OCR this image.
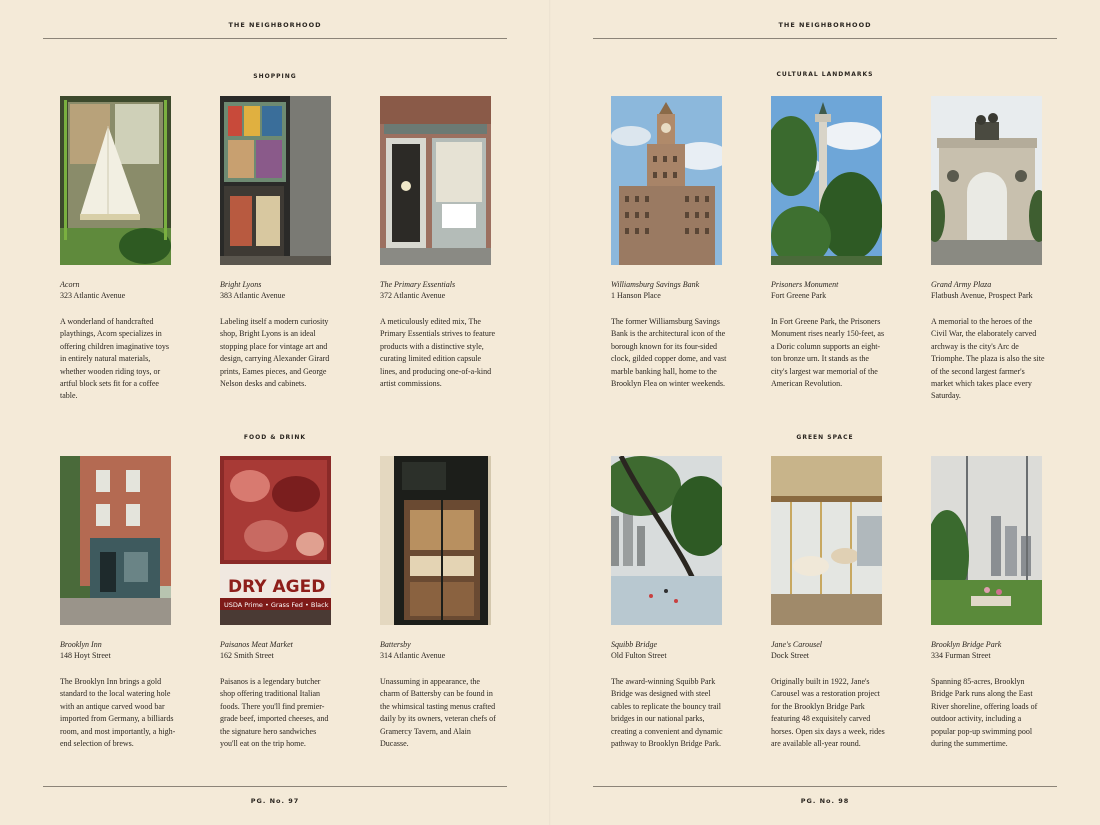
THE NEIGHBORHOOD
SHOPPING
Acorn
323 Atlantic Avenue
A wonderland of handcrafted playthings, Acorn specializes in offering children imaginative toys in entirely natural materials, whether wooden riding toys, or artful block sets fit for a coffee table.
Bright Lyons
383 Atlantic Avenue
Labeling itself a modern curiosity shop, Bright Lyons is an ideal stopping place for vintage art and design, carrying Alexander Girard prints, Eames pieces, and George Nelson desks and cabinets.
The Primary Essentials
372 Atlantic Avenue
A meticulously edited mix, The Primary Essentials strives to feature products with a distinctive style, curating limited edition capsule lines, and producing one-of-a-kind artist commissions.
FOOD & DRINK
Brooklyn Inn
148 Hoyt Street
The Brooklyn Inn brings a gold standard to the local watering hole with an antique carved wood bar imported from Germany, a billiards room, and most importantly, a high-end selection of brews.
DRY AGED
USDA Prime • Grass Fed • Black
Paisanos Meat Market
162 Smith Street
Paisanos is a legendary butcher shop offering traditional Italian foods. There you'll find premier-grade beef, imported cheeses, and the signature hero sandwiches you'll eat on the trip home.
Battersby
314 Atlantic Avenue
Unassuming in appearance, the charm of Battersby can be found in the whimsical tasting menus crafted daily by its owners, veteran chefs of Gramercy Tavern, and Alain Ducasse.
PG. No. 97
THE NEIGHBORHOOD
CULTURAL LANDMARKS
Williamsburg Savings Bank
1 Hanson Place
The former Williamsburg Savings Bank is the architectural icon of the borough known for its four-sided clock, gilded copper dome, and vast marble banking hall, home to the Brooklyn Flea on winter weekends.
Prisoners Monument
Fort Greene Park
In Fort Greene Park, the Prisoners Monument rises nearly 150-feet, as a Doric column supports an eight-ton bronze urn. It stands as the city's largest war memorial of the American Revolution.
Grand Army Plaza
Flatbush Avenue, Prospect Park
A memorial to the heroes of the Civil War, the elaborately carved archway is the city's Arc de Triomphe. The plaza is also the site of the second largest farmer's market which takes place every Saturday.
GREEN SPACE
Squibb Bridge
Old Fulton Street
The award-winning Squibb Park Bridge was designed with steel cables to replicate the bouncy trail bridges in our national parks, creating a convenient and dynamic pathway to Brooklyn Bridge Park.
Jane's Carousel
Dock Street
Originally built in 1922, Jane's Carousel was a restoration project for the Brooklyn Bridge Park featuring 48 exquisitely carved horses. Open six days a week, rides are available all-year round.
Brooklyn Bridge Park
334 Furman Street
Spanning 85-acres, Brooklyn Bridge Park runs along the East River shoreline, offering loads of outdoor activity, including a popular pop-up swimming pool during the summertime.
PG. No. 98
